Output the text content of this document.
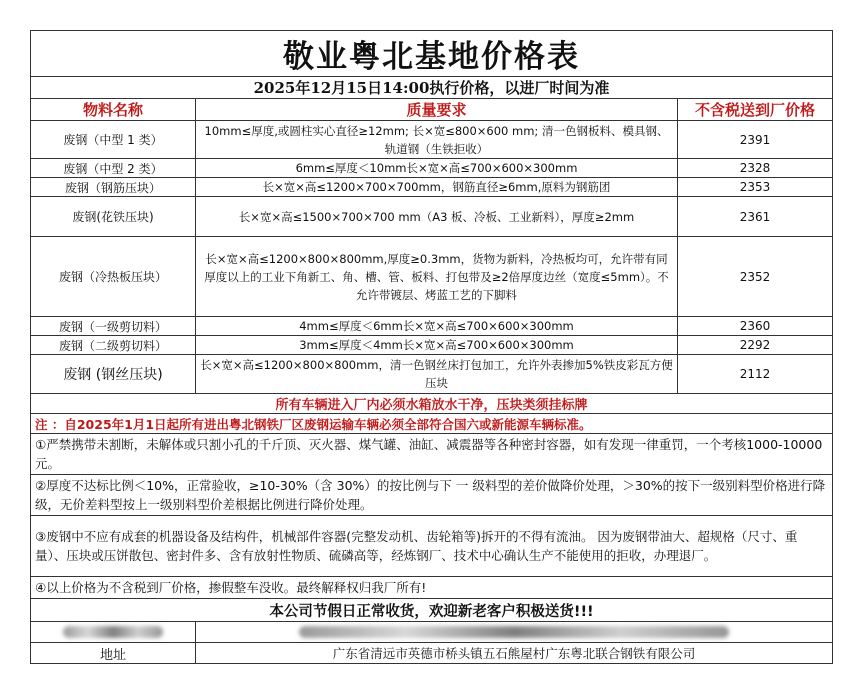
敬业粤北基地价格表		
2025年12月15日14:00执行价格，以进厂时间为准		
物料名称	质量要求	不含税送到厂价格
废钢（中型 1 类）	10mm≤厚度,或圆柱实心直径≥12mm; 长×宽≤800×600 mm; 清一色钢板料、模具钢、轨道钢（生铁拒收）	2391
废钢（中型 2 类）	6mm≤厚度＜10mm长×宽×高≤700×600×300mm	2328
废钢（钢筋压块）	长×宽×高≤1200×700×700mm，钢筋直径≥6mm,原料为钢筋团	2353
废钢(花铁压块)	长×宽×高≤1500×700×700 mm（A3 板、冷板、工业新料），厚度≥2mm	2361
废钢（冷热板压块）	长×宽×高≤1200×800×800mm,厚度≥0.3mm，货物为新料，冷热板均可，允许带有同厚度以上的工业下角新工、角、槽、管、板料、打包带及≥2倍厚度边丝（宽度≤5mm）。不允许带镀层、烤蓝工艺的下脚料	2352
废钢（一级剪切料）	4mm≤厚度＜6mm长×宽×高≤700×600×300mm	2360
废钢（二级剪切料）	3mm≤厚度＜4mm长×宽×高≤700×600×300mm	2292
废钢 (钢丝压块)	长×宽×高≤1200×800×800mm，清一色钢丝床打包加工，允许外表掺加5%铁皮彩瓦方便压块	2112
所有车辆进入厂内必须水箱放水干净，压块类须挂标牌		
注 ：自2025年1月1日起所有进出粤北钢铁厂区废钢运输车辆必须全部符合国六或新能源车辆标准。		
①严禁携带未割断，未解体或只割小孔的千斤顶、灭火器、煤气罐、油缸、减震器等各种密封容器，如有发现一律重罚，一个考核1000-10000元。		
②厚度不达标比例＜10%，正常验收，≥10-30%（含 30%）的按比例与下 一 级料型的差价做降价处理，＞30%的按下一级别料型价格进行降级，无价差料型按上一级别料型价差根据比例进行降价处理。		
③废钢中不应有成套的机器设备及结构件，机械部件容器(完整发动机、齿轮箱等)拆开的不得有流油。 因为废钢带油大、超规格（尺寸、重量）、压块或压饼散包、密封件多、含有放射性物质、硫磷高等，经炼钢厂、技术中心确认生产不能使用的拒收，办理退厂。		
④以上价格为不含税到厂价格，掺假整车没收。最终解释权归我厂所有!		
本公司节假日正常收货，欢迎新老客户积极送货!!!		

地址	广东省清远市英德市桥头镇五石熊屋村广东粤北联合钢铁有限公司	
